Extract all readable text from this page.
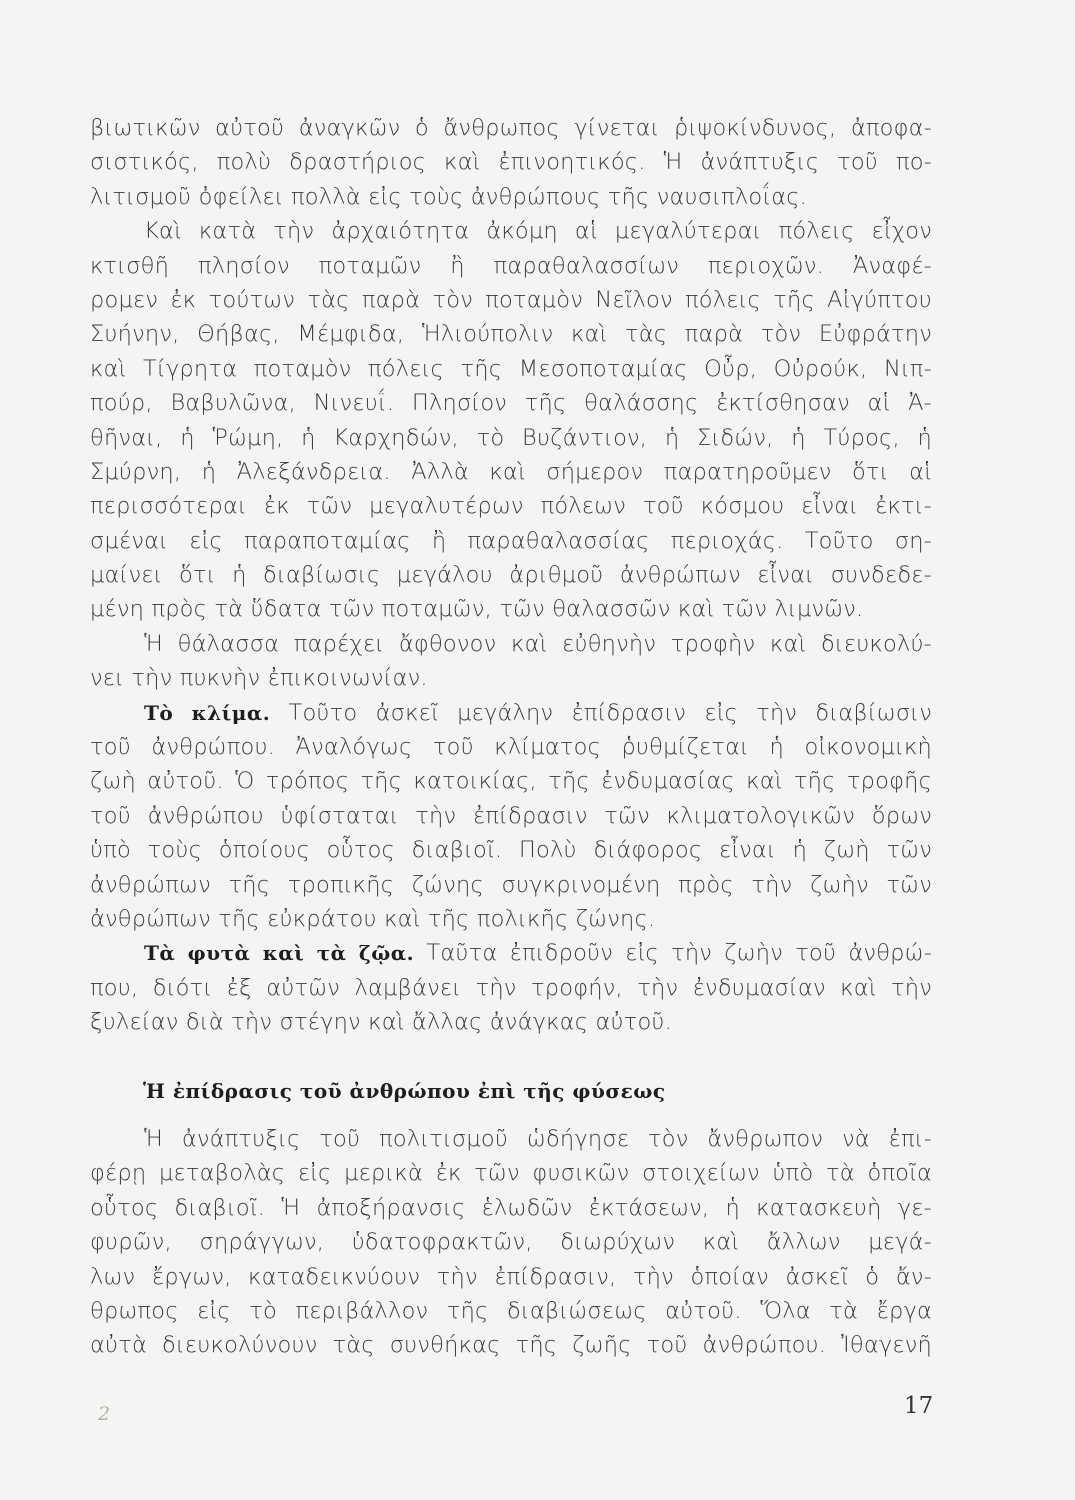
βιωτικῶν αὐτοῦ ἀναγκῶν ὁ ἄνθρωπος γίνεται ῥιψοκίνδυνος, ἀποφα-
σιστικός, πολὺ δραστήριος καὶ ἐπινοητικός. Ἡ ἀνάπτυξις τοῦ πο-
λιτισμοῦ ὀφείλει πολλὰ εἰς τοὺς ἀνθρώπους τῆς ναυσιπλοΐας.
Καὶ κατὰ τὴν ἀρχαιότητα ἀκόμη αἱ μεγαλύτεραι πόλεις εἶχον
κτισθῆ πλησίον ποταμῶν ἢ παραθαλασσίων περιοχῶν. Ἀναφέ-
ρομεν ἐκ τούτων τὰς παρὰ τὸν ποταμὸν Νεῖλον πόλεις τῆς Αἰγύπτου
Συήνην, Θήβας, Μέμφιδα, Ἡλιούπολιν καὶ τὰς παρὰ τὸν Εὐφράτην
καὶ Τίγρητα ποταμὸν πόλεις τῆς Μεσοποταμίας Οὖρ, Οὐρούκ, Νιπ-
πούρ, Βαβυλῶνα, Νινευΐ. Πλησίον τῆς θαλάσσης ἐκτίσθησαν αἱ Ἀ-
θῆναι, ἡ Ῥώμη, ἡ Καρχηδών, τὸ Βυζάντιον, ἡ Σιδών, ἡ Τύρος, ἡ
Σμύρνη, ἡ Ἀλεξάνδρεια. Ἀλλὰ καὶ σήμερον παρατηροῦμεν ὅτι αἱ
περισσότεραι ἐκ τῶν μεγαλυτέρων πόλεων τοῦ κόσμου εἶναι ἐκτι-
σμέναι εἰς παραποταμίας ἢ παραθαλασσίας περιοχάς. Τοῦτο ση-
μαίνει ὅτι ἡ διαβίωσις μεγάλου ἀριθμοῦ ἀνθρώπων εἶναι συνδεδε-
μένη πρὸς τὰ ὕδατα τῶν ποταμῶν, τῶν θαλασσῶν καὶ τῶν λιμνῶν.
Ἡ θάλασσα παρέχει ἄφθονον καὶ εὐθηνὴν τροφὴν καὶ διευκολύ-
νει τὴν πυκνὴν ἐπικοινωνίαν.
Τὸ κλίμα. Τοῦτο ἀσκεῖ μεγάλην ἐπίδρασιν εἰς τὴν διαβίωσιν
τοῦ ἀνθρώπου. Ἀναλόγως τοῦ κλίματος ῥυθμίζεται ἡ οἰκονομικὴ
ζωὴ αὐτοῦ. Ὁ τρόπος τῆς κατοικίας, τῆς ἐνδυμασίας καὶ τῆς τροφῆς
τοῦ ἀνθρώπου ὑφίσταται τὴν ἐπίδρασιν τῶν κλιματολογικῶν ὅρων
ὑπὸ τοὺς ὁποίους οὗτος διαβιοῖ. Πολὺ διάφορος εἶναι ἡ ζωὴ τῶν
ἀνθρώπων τῆς τροπικῆς ζώνης συγκρινομένη πρὸς τὴν ζωὴν τῶν
ἀνθρώπων τῆς εὐκράτου καὶ τῆς πολικῆς ζώνης.
Τὰ φυτὰ καὶ τὰ ζῷα. Ταῦτα ἐπιδροῦν εἰς τὴν ζωὴν τοῦ ἀνθρώ-
που, διότι ἐξ αὐτῶν λαμβάνει τὴν τροφήν, τὴν ἐνδυμασίαν καὶ τὴν
ξυλείαν διὰ τὴν στέγην καὶ ἄλλας ἀνάγκας αὐτοῦ.
Ἡ ἐπίδρασις τοῦ ἀνθρώπου ἐπὶ τῆς φύσεως
Ἡ ἀνάπτυξις τοῦ πολιτισμοῦ ὡδήγησε τὸν ἄνθρωπον νὰ ἐπι-
φέρῃ μεταβολὰς εἰς μερικὰ ἐκ τῶν φυσικῶν στοιχείων ὑπὸ τὰ ὁποῖα
οὗτος διαβιοῖ. Ἡ ἀποξήρανσις ἑλωδῶν ἐκτάσεων, ἡ κατασκευὴ γε-
φυρῶν, σηράγγων, ὑδατοφρακτῶν, διωρύχων καὶ ἄλλων μεγά-
λων ἔργων, καταδεικνύουν τὴν ἐπίδρασιν, τὴν ὁποίαν ἀσκεῖ ὁ ἄν-
θρωπος εἰς τὸ περιβάλλον τῆς διαβιώσεως αὐτοῦ. Ὅλα τὰ ἔργα
αὐτὰ διευκολύνουν τὰς συνθήκας τῆς ζωῆς τοῦ ἀνθρώπου. Ἰθαγενῆ
2	17
